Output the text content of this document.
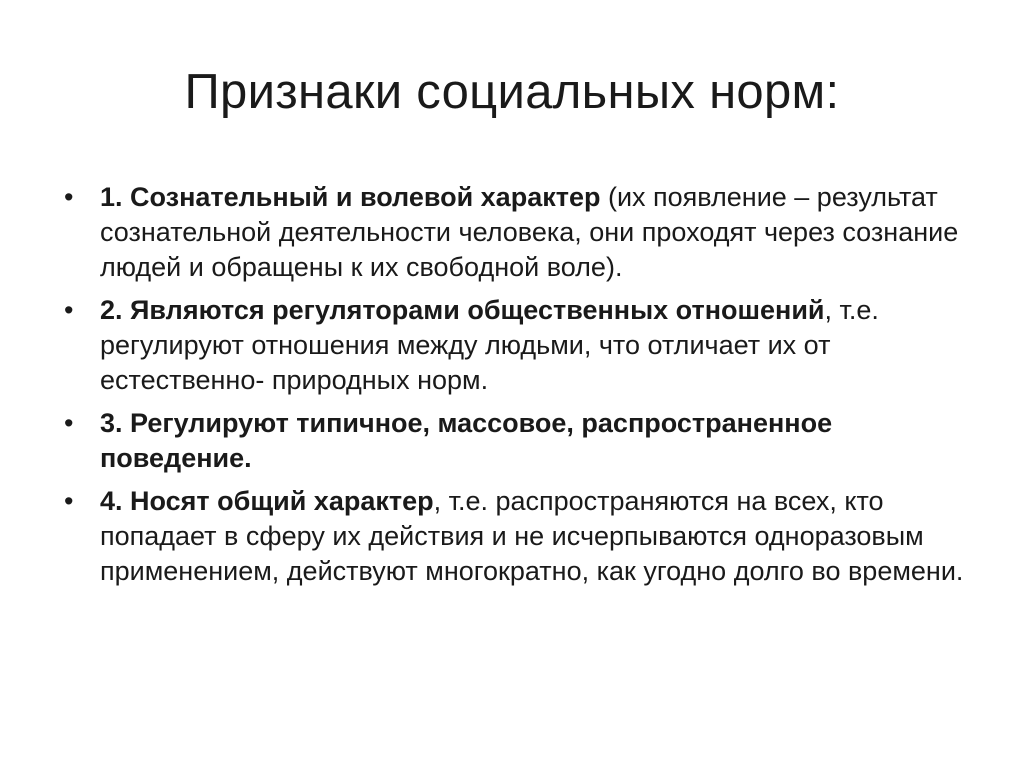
Признаки социальных норм:
• 1. Сознательный и волевой характер (их появление – результат сознательной деятельности человека, они проходят через сознание людей и обращены к их свободной воле).
• 2. Являются регуляторами общественных отношений, т.е. регулируют отношения между людьми, что отличает их от естественно- природных норм.
• 3. Регулируют типичное, массовое, распространенное поведение.
• 4. Носят общий характер, т.е. распространяются на всех, кто попадает в сферу их действия и не исчерпываются одноразовым применением, действуют многократно, как угодно долго во времени.
